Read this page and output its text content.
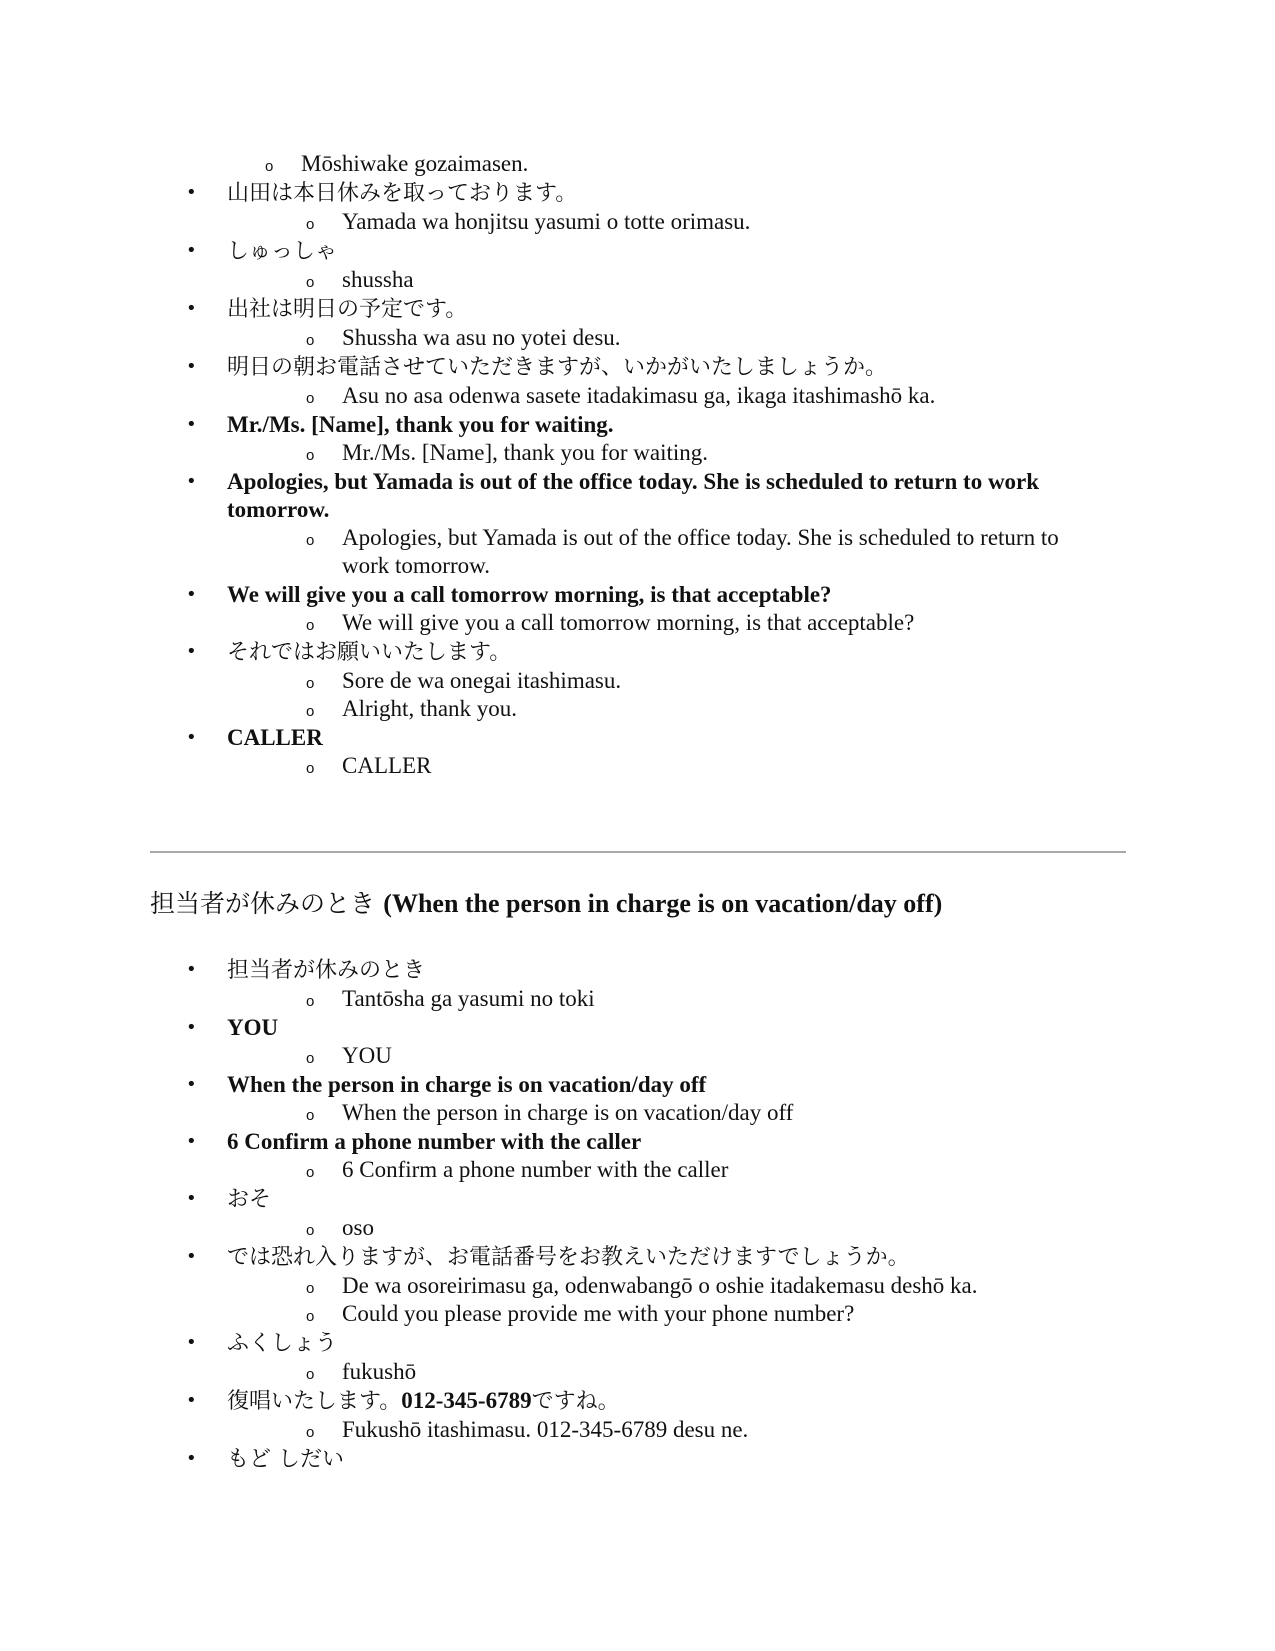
o Mōshiwake gozaimasen.
• 山田は本日休みを取っております。
o Yamada wa honjitsu yasumi o totte orimasu.
• しゅっしゃ
o shussha
• 出社は明日の予定です。
o Shussha wa asu no yotei desu.
• 明日の朝お電話させていただきますが、いかがいたしましょうか。
o Asu no asa odenwa sasete itadakimasu ga, ikaga itashimashō ka.
• Mr./Ms. [Name], thank you for waiting.
o Mr./Ms. [Name], thank you for waiting.
• Apologies, but Yamada is out of the office today. She is scheduled to return to work tomorrow.
o Apologies, but Yamada is out of the office today. She is scheduled to return to work tomorrow.
• We will give you a call tomorrow morning, is that acceptable?
o We will give you a call tomorrow morning, is that acceptable?
• それではお願いいたします。
o Sore de wa onegai itashimasu.
o Alright, thank you.
• CALLER
o CALLER
担当者が休みのとき (When the person in charge is on vacation/day off)
• 担当者が休みのとき
o Tantōsha ga yasumi no toki
• YOU
o YOU
• When the person in charge is on vacation/day off
o When the person in charge is on vacation/day off
• 6 Confirm a phone number with the caller
o 6 Confirm a phone number with the caller
• おそ
o oso
• では恐れ入りますが、お電話番号をお教えいただけますでしょうか。
o De wa osoreirimasu ga, odenwabangō o oshie itadakemasu deshō ka.
o Could you please provide me with your phone number?
• ふくしょう
o fukushō
• 復唱いたします。012-345-6789ですね。
o Fukushō itashimasu. 012-345-6789 desu ne.
• もど しだい
